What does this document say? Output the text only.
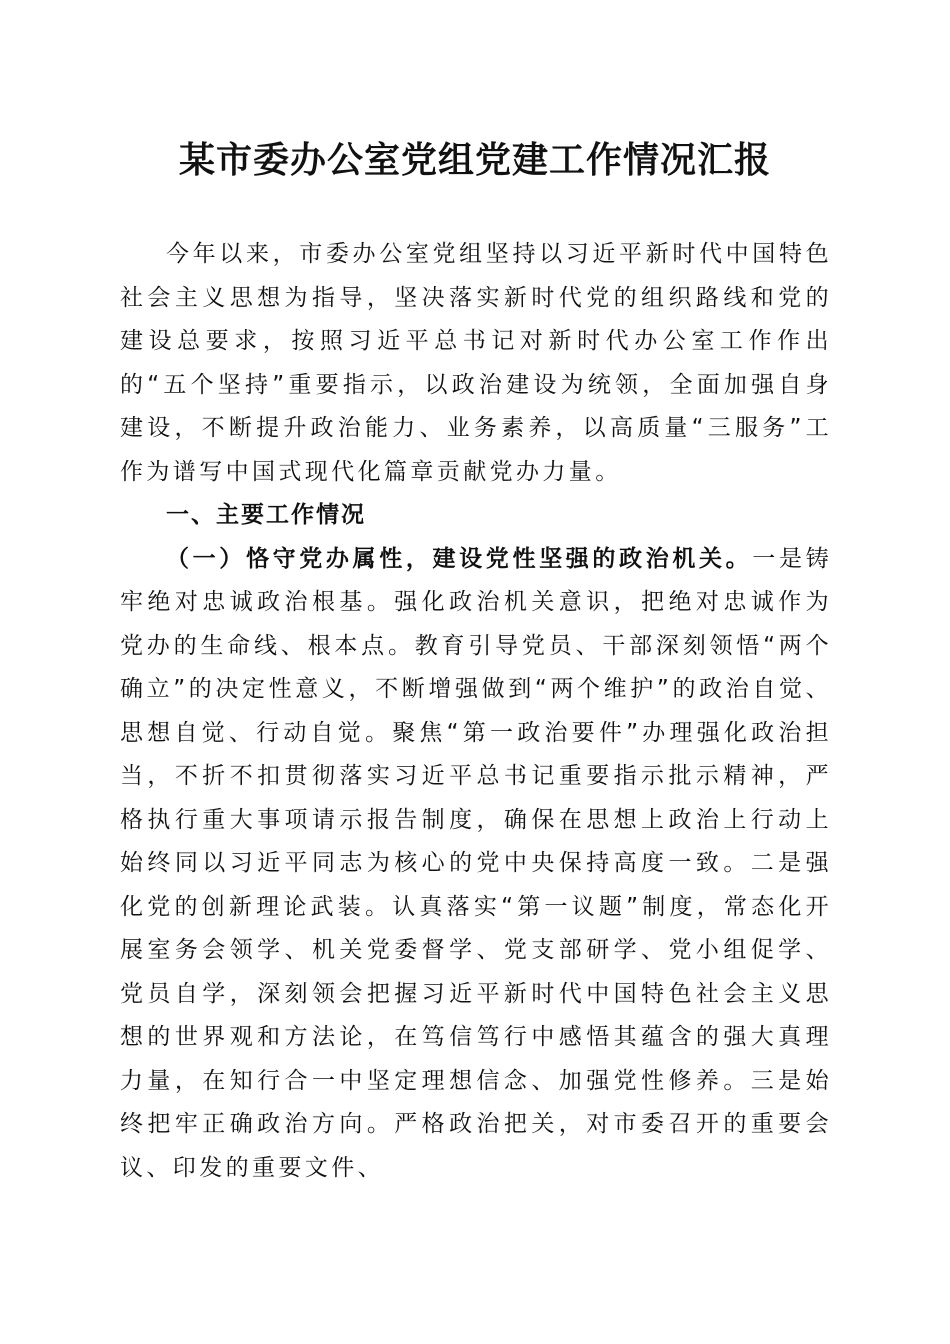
某市委办公室党组党建工作情况汇报

今年以来，市委办公室党组坚持以习近平新时代中国特色社会主义思想为指导，坚决落实新时代党的组织路线和党的建设总要求，按照习近平总书记对新时代办公室工作作出的“五个坚持”重要指示，以政治建设为统领，全面加强自身建设，不断提升政治能力、业务素养，以高质量“三服务”工作为谱写中国式现代化篇章贡献党办力量。

一、主要工作情况

（一）恪守党办属性，建设党性坚强的政治机关。一是铸牢绝对忠诚政治根基。强化政治机关意识，把绝对忠诚作为党办的生命线、根本点。教育引导党员、干部深刻领悟“两个确立”的决定性意义，不断增强做到“两个维护”的政治自觉、思想自觉、行动自觉。聚焦“第一政治要件”办理强化政治担当，不折不扣贯彻落实习近平总书记重要指示批示精神，严格执行重大事项请示报告制度，确保在思想上政治上行动上始终同以习近平同志为核心的党中央保持高度一致。二是强化党的创新理论武装。认真落实“第一议题”制度，常态化开展室务会领学、机关党委督学、党支部研学、党小组促学、党员自学，深刻领会把握习近平新时代中国特色社会主义思想的世界观和方法论，在笃信笃行中感悟其蕴含的强大真理力量，在知行合一中坚定理想信念、加强党性修养。三是始终把牢正确政治方向。严格政治把关，对市委召开的重要会议、印发的重要文件、
